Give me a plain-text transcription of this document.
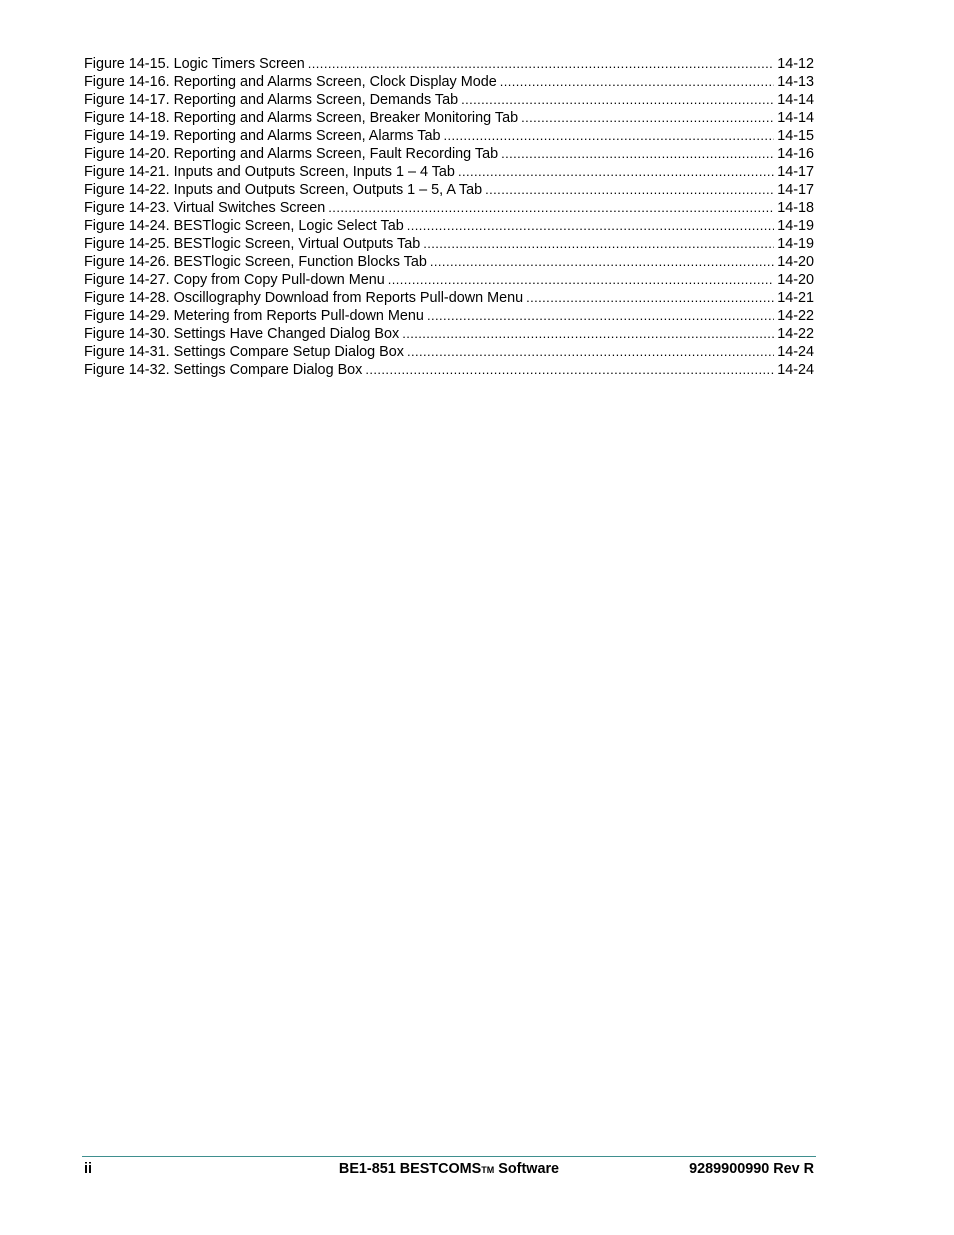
Figure 14-15. Logic Timers Screen .....	14-12
Figure 14-16. Reporting and Alarms Screen, Clock Display Mode .....	14-13
Figure 14-17. Reporting and Alarms Screen, Demands Tab .....	14-14
Figure 14-18. Reporting and Alarms Screen, Breaker Monitoring Tab .....	14-14
Figure 14-19. Reporting and Alarms Screen, Alarms Tab .....	14-15
Figure 14-20. Reporting and Alarms Screen, Fault Recording Tab .....	14-16
Figure 14-21. Inputs and Outputs Screen, Inputs 1 – 4 Tab .....	14-17
Figure 14-22. Inputs and Outputs Screen, Outputs 1 – 5, A Tab .....	14-17
Figure 14-23. Virtual Switches Screen .....	14-18
Figure 14-24. BESTlogic Screen, Logic Select Tab .....	14-19
Figure 14-25. BESTlogic Screen, Virtual Outputs Tab .....	14-19
Figure 14-26. BESTlogic Screen, Function Blocks Tab .....	14-20
Figure 14-27. Copy from Copy Pull-down Menu .....	14-20
Figure 14-28. Oscillography Download from Reports Pull-down Menu .....	14-21
Figure 14-29. Metering from Reports Pull-down Menu .....	14-22
Figure 14-30. Settings Have Changed Dialog Box .....	14-22
Figure 14-31. Settings Compare Setup Dialog Box .....	14-24
Figure 14-32. Settings Compare Dialog Box .....	14-24
ii	BE1-851 BESTCOMSTM Software	9289900990 Rev R
